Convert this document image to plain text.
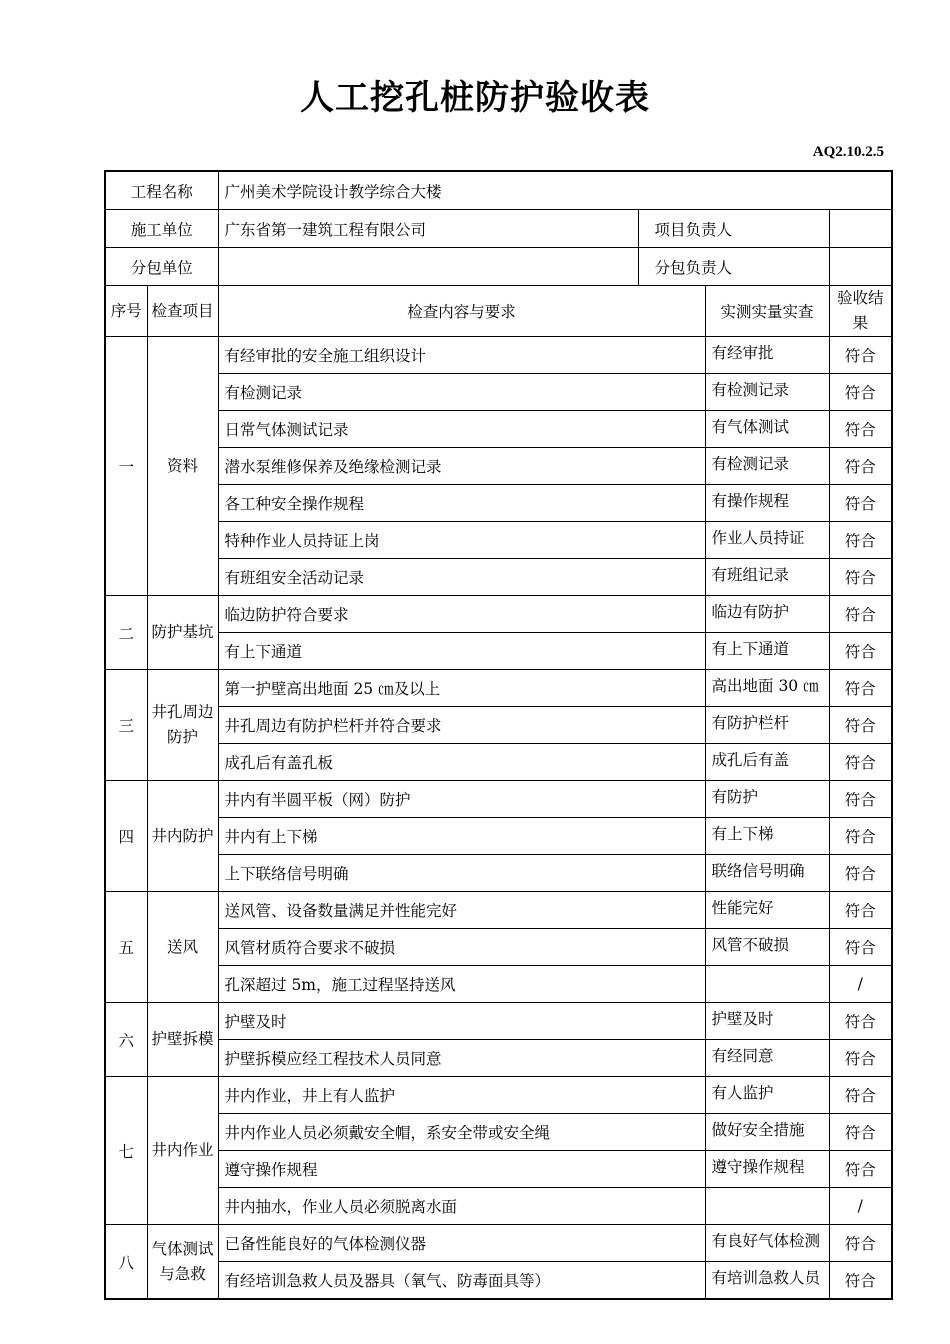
人工挖孔桩防护验收表
AQ2.10.2.5
工程名称		广州美术学院设计教学综合大楼			
施工单位		广东省第一建筑工程有限公司	项目负责人		
分包单位			分包负责人		
序号	检查项目	检查内容与要求		实测实量实查	验收结果
一	资料	有经审批的安全施工组织设计		有经审批	符合
		有检测记录		有检测记录	符合
		日常气体测试记录		有气体测试	符合
		潜水泵维修保养及绝缘检测记录		有检测记录	符合
		各工种安全操作规程		有操作规程	符合
		特种作业人员持证上岗		作业人员持证	符合
		有班组安全活动记录		有班组记录	符合
二	防护基坑	临边防护符合要求		临边有防护	符合
		有上下通道		有上下通道	符合
三	井孔周边防护	第一护壁高出地面 25 ㎝及以上		高出地面 30 ㎝	符合
		井孔周边有防护栏杆并符合要求		有防护栏杆	符合
		成孔后有盖孔板		成孔后有盖	符合
四	井内防护	井内有半圆平板（网）防护		有防护	符合
		井内有上下梯		有上下梯	符合
		上下联络信号明确		联络信号明确	符合
五	送风	送风管、设备数量满足并性能完好		性能完好	符合
		风管材质符合要求不破损		风管不破损	符合
		孔深超过 5m，施工过程坚持送风			/
六	护壁拆模	护壁及时		护壁及时	符合
		护壁拆模应经工程技术人员同意		有经同意	符合
七	井内作业	井内作业，井上有人监护		有人监护	符合
		井内作业人员必须戴安全帽，系安全带或安全绳		做好安全措施	符合
		遵守操作规程		遵守操作规程	符合
		井内抽水，作业人员必须脱离水面			/
八	气体测试与急救	已备性能良好的气体检测仪器		有良好气体检测	符合
		有经培训急救人员及器具（氧气、防毒面具等）		有培训急救人员	符合
